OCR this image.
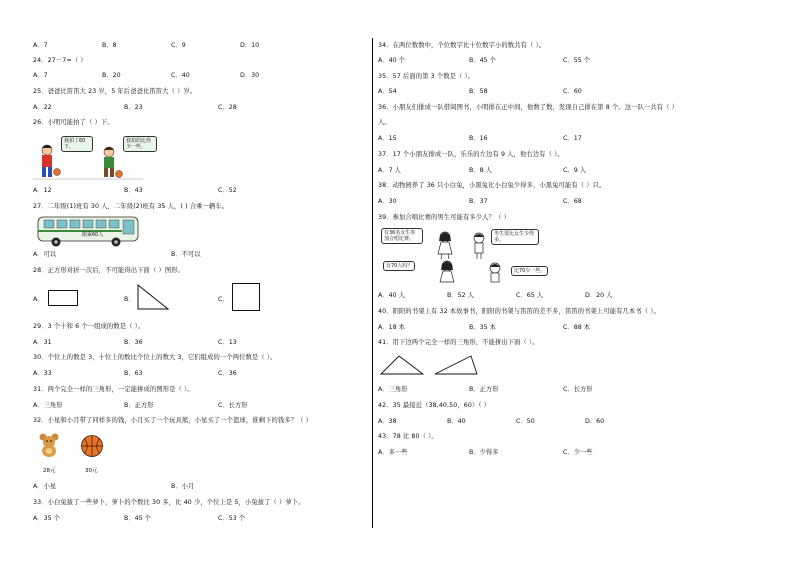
A．7	B．8	C．9	D．10
24．27－7=（ ）
A．7	B．20	C．40	D．30
25．爸爸比笛笛大 23 岁，5 年后爸爸比笛笛大（ ）岁。
A．22	B．23	C．28
26．小明可能拍了（ ）下。
我拍了60下。
我拍的比你少一些。
A．12	B．43	C．52
27．二年级(1)班有 30 人，二年级(2)班有 35 人，( ) 合乘一辆车。
限乘60人
A．可以	B．不可以
28．正方形对折一次后，不可能得出下面（ ）图形。
A．	B．	C．
29．3 个十和 6 个一组成的数是（ ）。
A．31	B．36	C．13
30．个位上的数是 3，十位上的数比个位上的数大 3，它们组成的一个两位数是（ ）。
A．33	B．63	C．36
31．两个完全一样的三角形，一定能拼成的图形是（ ）。
A．三角形	B．正方形	C．长方形
32．小星和小月带了同样多的钱，小月买了一个玩具熊，小星买了一个篮球，谁剩下的钱多？（ ）
28元	30元
A．小星	B．小月
33．小白兔拔了一些萝卜，萝卜的个数比 30 多，比 40 少，个位上是 5，小兔拔了（ ）萝卜。
A．35 个	B．45 个	C．53 个
34．在两位数数中，个位数字比十位数字小的数共有（ ）。
A．40 个	B．45 个	C．55 个
35．57 后面的第 3 个数是（ ）。
A．54	B．58	C．60
36．小朋友们排成一队借阅图书，小明排在正中间，他数了数，发现自己排在第 8 个。这一队一共有（ ）
人。
A．15	B．16	C．17
37．17 个小朋友排成一队，乐乐的左边有 9 人，他右边有（ ）。
A．7 人	B．8 人	C．9 人
38．动物园养了 36 只小白兔，小黑兔比小白兔少得多，小黑兔可能有（ ）只。
A．30	B．37	C．68
39．参加合唱比赛的男生可能有多少人？（ ）
有36名女生参加合唱比赛。
男生要比女生少得多。
有70人吗？
比70少一些。
A．40 人	B．52 人	C．65 人	D．20 人
40．阳阳的书架上有 32 本故事书，阳阳的书架与笛笛的差不多，笛笛的书架上可能有几本书（ ）。
A．18 本	B．35 本	C．88 本
41．用下边两个完全一样的三角形，不能拼出下面（ ）。
A．三角形	B．正方形	C．长方形
42．35 最接近（38,40,50，60）（ ）
A．38	B．40	C．50	D．60
43．78 比 80（ ）。
A．多一些	B．少得多	C．少一些
